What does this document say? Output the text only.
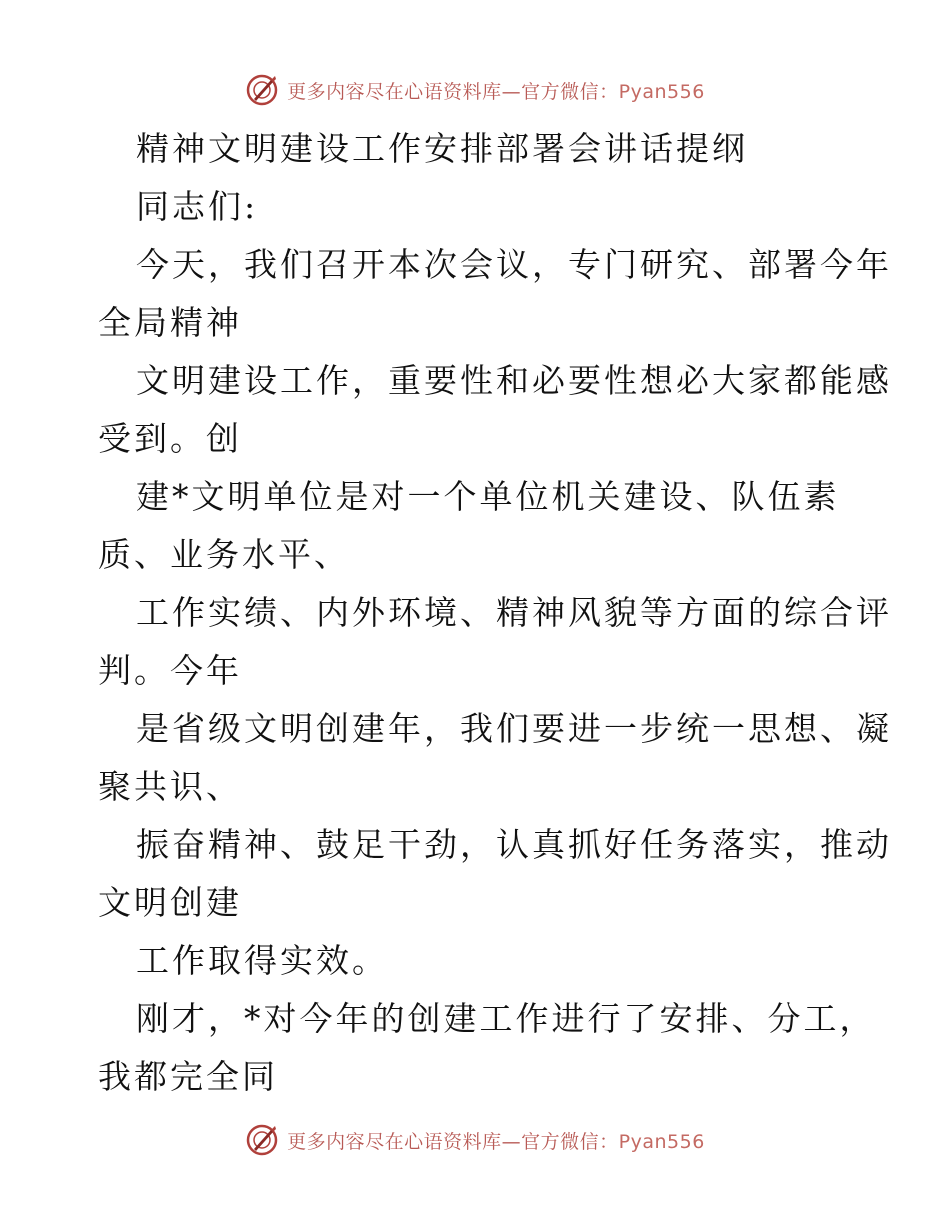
更多内容尽在心语资料库—官方微信：Pyan556
精神文明建设工作安排部署会讲话提纲
同志们:
今天，我们召开本次会议，专门研究、部署今年
全局精神
文明建设工作，重要性和必要性想必大家都能感
受到。创
建*文明单位是对一个单位机关建设、队伍素
质、业务水平、
工作实绩、内外环境、精神风貌等方面的综合评
判。今年
是省级文明创建年，我们要进一步统一思想、凝
聚共识、
振奋精神、鼓足干劲，认真抓好任务落实，推动
文明创建
工作取得实效。
刚才，*对今年的创建工作进行了安排、分工，
我都完全同
更多内容尽在心语资料库—官方微信：Pyan556
